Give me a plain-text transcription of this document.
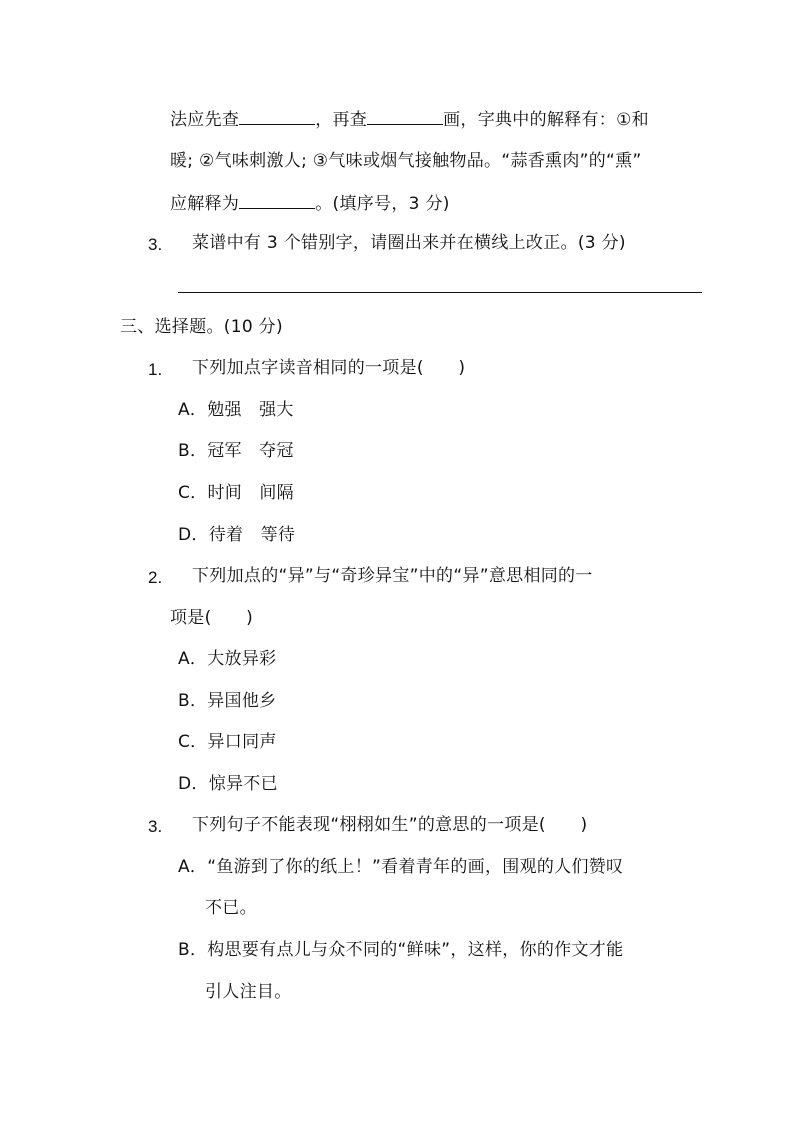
法应先查	，再查	画，字典中的解释有：①和
暖; ②气味刺激人; ③气味或烟气接触物品。“蒜香熏肉”的“熏”
应解释为	。(填序号，3 分)
3. 菜谱中有 3 个错别字，请圈出来并在横线上改正。(3 分)
三、选择题。(10 分)
1. 下列加点字读音相同的一项是(　　)
A．勉强　强大
B．冠军　夺冠
C．时间　间隔
D．待着　等待
2. 下列加点的“异”与“奇珍异宝”中的“异”意思相同的一
项是(　　)
A．大放异彩
B．异国他乡
C．异口同声
D．惊异不已
3. 下列句子不能表现“栩栩如生”的意思的一项是(　　)
A．“鱼游到了你的纸上！”看着青年的画，围观的人们赞叹
不已。
B．构思要有点儿与众不同的“鲜味”，这样，你的作文才能
引人注目。
